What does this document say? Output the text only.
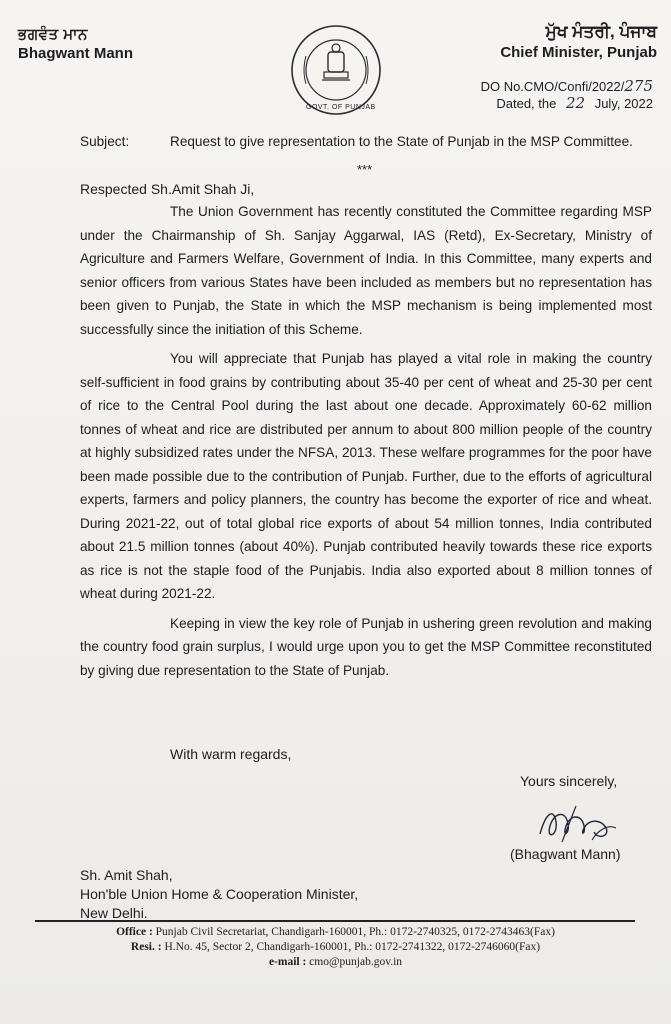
ਭਗਵੰਤ ਮਾਨ
Bhagwant Mann
GOVT. OF PUNJAB
ਮੁੱਖ ਮੰਤਰੀ, ਪੰਜਾਬ
Chief Minister, Punjab
DO No.CMO/Confi/2022/275
Dated, the 22 July, 2022
Subject:	Request to give representation to the State of Punjab in the MSP Committee.
***
Respected Sh.Amit Shah Ji,

The Union Government has recently constituted the Committee regarding MSP under the Chairmanship of Sh. Sanjay Aggarwal, IAS (Retd), Ex-Secretary, Ministry of Agriculture and Farmers Welfare, Government of India. In this Committee, many experts and senior officers from various States have been included as members but no representation has been given to Punjab, the State in which the MSP mechanism is being implemented most successfully since the initiation of this Scheme.

You will appreciate that Punjab has played a vital role in making the country self-sufficient in food grains by contributing about 35-40 per cent of wheat and 25-30 per cent of rice to the Central Pool during the last about one decade. Approximately 60-62 million tonnes of wheat and rice are distributed per annum to about 800 million people of the country at highly subsidized rates under the NFSA, 2013. These welfare programmes for the poor have been made possible due to the contribution of Punjab. Further, due to the efforts of agricultural experts, farmers and policy planners, the country has become the exporter of rice and wheat. During 2021-22, out of total global rice exports of about 54 million tonnes, India contributed about 21.5 million tonnes (about 40%). Punjab contributed heavily towards these rice exports as rice is not the staple food of the Punjabis. India also exported about 8 million tonnes of wheat during 2021-22.

Keeping in view the key role of Punjab in ushering green revolution and making the country food grain surplus, I would urge upon you to get the MSP Committee reconstituted by giving due representation to the State of Punjab.

With warm regards,
Yours sincerely,
(Bhagwant Mann)
Sh. Amit Shah,
Hon'ble Union Home & Cooperation Minister,
New Delhi.
Office : Punjab Civil Secretariat, Chandigarh-160001, Ph.: 0172-2740325, 0172-2743463(Fax)
Resi. : H.No. 45, Sector 2, Chandigarh-160001, Ph.: 0172-2741322, 0172-2746060(Fax)
e-mail : cmo@punjab.gov.in
